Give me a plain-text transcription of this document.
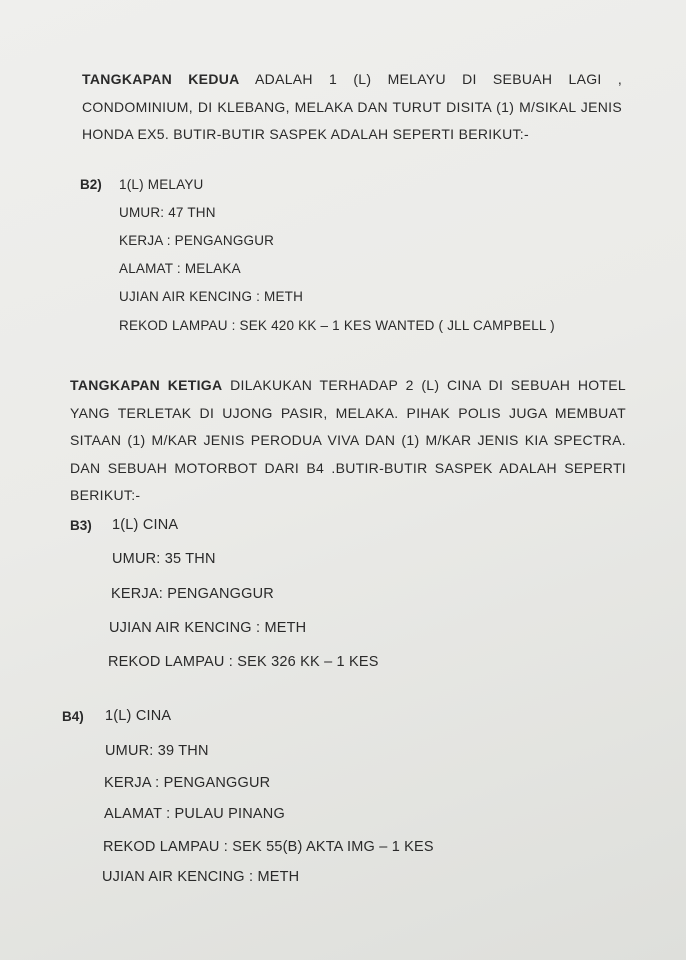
TANGKAPAN KEDUA ADALAH 1 (L) MELAYU DI SEBUAH LAGI , CONDOMINIUM, DI KLEBANG, MELAKA DAN TURUT DISITA (1) M/SIKAL JENIS HONDA EX5. BUTIR-BUTIR SASPEK ADALAH SEPERTI BERIKUT:-
B2) 1(L) MELAYU
UMUR: 47 THN
KERJA : PENGANGGUR
ALAMAT : MELAKA
UJIAN AIR KENCING : METH
REKOD LAMPAU : SEK 420 KK – 1 KES WANTED ( JLL CAMPBELL )
TANGKAPAN KETIGA DILAKUKAN TERHADAP 2 (L) CINA DI SEBUAH HOTEL YANG TERLETAK DI UJONG PASIR, MELAKA. PIHAK POLIS JUGA MEMBUAT SITAAN (1) M/KAR JENIS PERODUA VIVA DAN (1) M/KAR JENIS KIA SPECTRA. DAN SEBUAH MOTORBOT DARI B4 .BUTIR-BUTIR SASPEK ADALAH SEPERTI BERIKUT:-
B3) 1(L) CINA
UMUR: 35 THN
KERJA: PENGANGGUR
UJIAN AIR KENCING : METH
REKOD LAMPAU : SEK 326 KK – 1 KES
B4) 1(L) CINA
UMUR: 39 THN
KERJA : PENGANGGUR
ALAMAT : PULAU PINANG
REKOD LAMPAU : SEK 55(B) AKTA IMG – 1 KES
UJIAN AIR KENCING : METH
